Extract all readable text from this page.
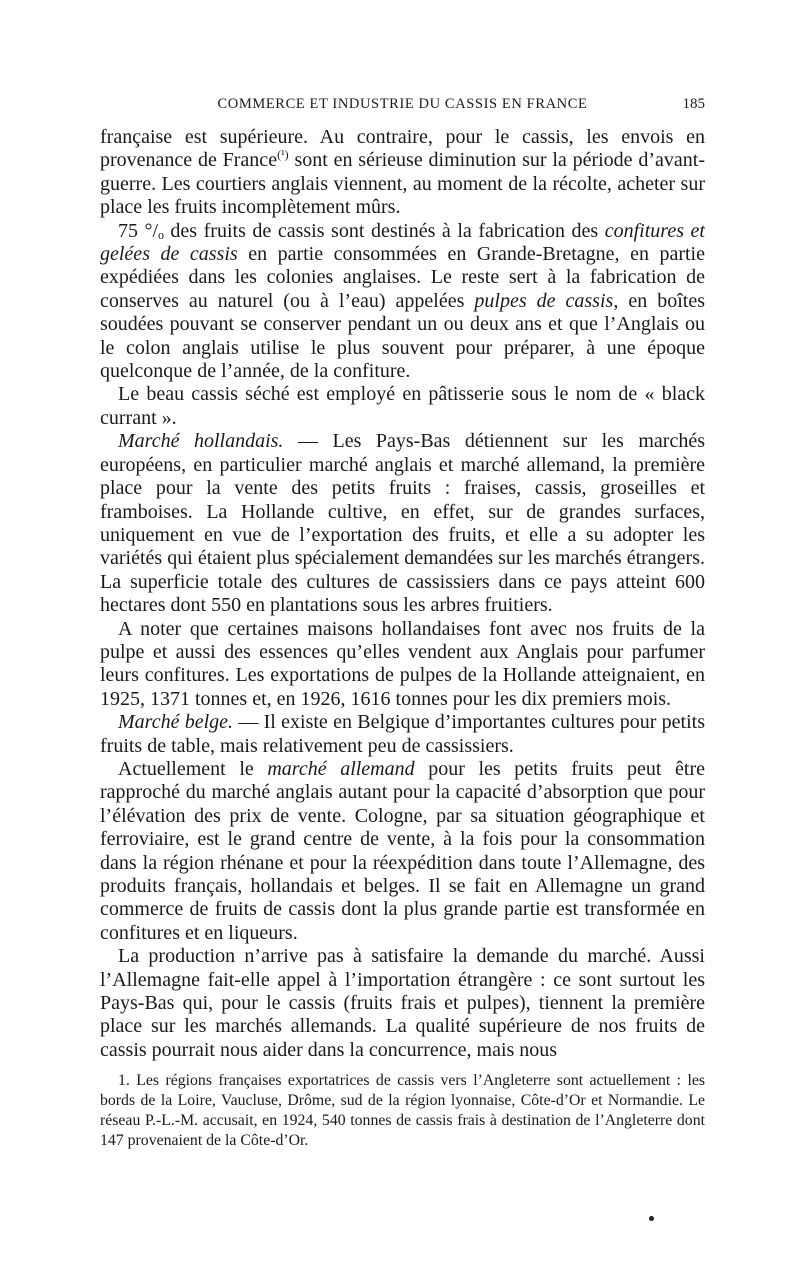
COMMERCE ET INDUSTRIE DU CASSIS EN FRANCE	185

française est supérieure. Au contraire, pour le cassis, les envois en provenance de France$^{(^1)}$ sont en sérieuse diminution sur la période d’avant-guerre. Les courtiers anglais viennent, au moment de la récolte, acheter sur place les fruits incomplètement mûrs.

75 °/ₒ des fruits de cassis sont destinés à la fabrication des confitures et gelées de cassis en partie consommées en Grande-Bretagne, en partie expédiées dans les colonies anglaises. Le reste sert à la fabrication de conserves au naturel (ou à l’eau) appelées pulpes de cassis, en boîtes soudées pouvant se conserver pendant un ou deux ans et que l’Anglais ou le colon anglais utilise le plus souvent pour préparer, à une époque quelconque de l’année, de la confiture.

Le beau cassis séché est employé en pâtisserie sous le nom de « black currant ».

Marché hollandais. — Les Pays-Bas détiennent sur les marchés européens, en particulier marché anglais et marché allemand, la première place pour la vente des petits fruits : fraises, cassis, groseilles et framboises. La Hollande cultive, en effet, sur de grandes surfaces, uniquement en vue de l’exportation des fruits, et elle a su adopter les variétés qui étaient plus spécialement demandées sur les marchés étrangers. La superficie totale des cultures de cassissiers dans ce pays atteint 600 hectares dont 550 en plantations sous les arbres fruitiers.

A noter que certaines maisons hollandaises font avec nos fruits de la pulpe et aussi des essences qu’elles vendent aux Anglais pour parfumer leurs confitures. Les exportations de pulpes de la Hollande atteignaient, en 1925, 1371 tonnes et, en 1926, 1616 tonnes pour les dix premiers mois.

Marché belge. — Il existe en Belgique d’importantes cultures pour petits fruits de table, mais relativement peu de cassissiers.

Actuellement le marché allemand pour les petits fruits peut être rapproché du marché anglais autant pour la capacité d’absorption que pour l’élévation des prix de vente. Cologne, par sa situation géographique et ferroviaire, est le grand centre de vente, à la fois pour la consommation dans la région rhénane et pour la réexpédition dans toute l’Allemagne, des produits français, hollandais et belges. Il se fait en Allemagne un grand commerce de fruits de cassis dont la plus grande partie est transformée en confitures et en liqueurs.

La production n’arrive pas à satisfaire la demande du marché. Aussi l’Allemagne fait-elle appel à l’importation étrangère : ce sont surtout les Pays-Bas qui, pour le cassis (fruits frais et pulpes), tiennent la première place sur les marchés allemands. La qualité supérieure de nos fruits de cassis pourrait nous aider dans la concurrence, mais nous

1. Les régions françaises exportatrices de cassis vers l’Angleterre sont actuellement : les bords de la Loire, Vaucluse, Drôme, sud de la région lyonnaise, Côte-d’Or et Normandie. Le réseau P.-L.-M. accusait, en 1924, 540 tonnes de cassis frais à destination de l’Angleterre dont 147 provenaient de la Côte-d’Or.
